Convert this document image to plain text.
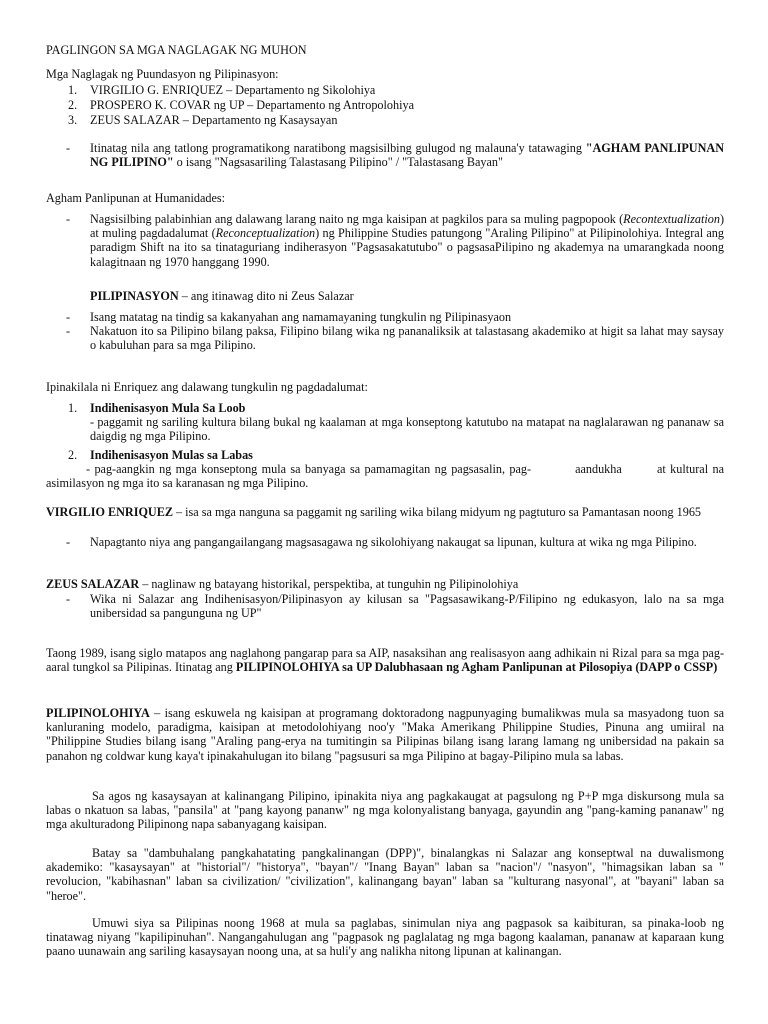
PAGLINGON SA MGA NAGLAGAK NG MUHON

Mga Naglagak ng Puundasyon ng Pilipinasyon:

1. VIRGILIO G. ENRIQUEZ – Departamento ng Sikolohiya
2. PROSPERO K. COVAR ng UP – Departamento ng Antropolohiya
3. ZEUS SALAZAR – Departamento ng Kasaysayan
- Itinatag nila ang tatlong programatikong naratibong magsisilbing gulugod ng malauna'y tatawaging "AGHAM PANLIPUNAN NG PILIPINO" o isang "Nagsasariling Talastasang Pilipino" / "Talastasang Bayan"

Agham Panlipunan at Humanidades:

- Nagsisilbing palabinhian ang dalawang larang naito ng mga kaisipan at pagkilos para sa muling pagpopook (Recontextualization) at muling pagdadalumat (Reconceptualization) ng Philippine Studies patungong "Araling Pilipino" at Pilipinolohiya. Integral ang paradigm Shift na ito sa tinataguriang indiherasyon "Pagsasakatutubo" o pagsasaPilipino ng akademya na umarangkada noong kalagitnaan ng 1970 hanggang 1990.

PILIPINASYON – ang itinawag dito ni Zeus Salazar

- Isang matatag na tindig sa kakanyahan ang namamayaning tungkulin ng Pilipinasyaon

- Nakatuon ito sa Pilipino bilang paksa, Filipino bilang wika ng pananaliksik at talastasang akademiko at higit sa lahat may saysay o kabuluhan para sa mga Pilipino.

Ipinakilala ni Enriquez ang dalawang tungkulin ng pagdadalumat:

1. Indihenisasyon Mula Sa Loob

- paggamit ng sariling kultura bilang bukal ng kaalaman at mga konseptong katutubo na matapat na naglalarawan ng pananaw sa daigdig ng mga Pilipino.

2. Indihenisasyon Mulas sa Labas

- pag-aangkin ng mga konseptong mula sa banyaga sa pamamagitan ng pagsasalin, pag-          aandukha        at kultural na asimilasyon ng mga ito sa karanasan ng mga Pilipino.

VIRGILIO ENRIQUEZ – isa sa mga nanguna sa paggamit ng sariling wika bilang midyum ng pagtuturo sa Pamantasan noong 1965

- Napagtanto niya ang pangangailangang magsasagawa ng sikolohiyang nakaugat sa lipunan, kultura at wika ng mga Pilipino.

ZEUS SALAZAR – naglinaw ng batayang historikal, perspektiba, at tunguhin ng Pilipinolohiya

- Wika ni Salazar ang Indihenisasyon/Pilipinasyon ay kilusan sa "Pagsasawikang-P/Filipino ng edukasyon, lalo na sa mga unibersidad sa pangunguna ng UP"

Taong 1989, isang siglo matapos ang naglahong pangarap para sa AIP, nasaksihan ang realisasyon aang adhikain ni Rizal para sa mga pag-aaral tungkol sa Pilipinas. Itinatag ang PILIPINOLOHIYA sa UP Dalubhasaan ng Agham Panlipunan at Pilosopiya (DAPP o CSSP)

PILIPINOLOHIYA – isang eskuwela ng kaisipan at programang doktoradong nagpunyaging bumalikwas mula sa masyadong tuon sa kanluraning modelo, paradigma, kaisipan at metodolohiyang noo'y "Maka Amerikang Philippine Studies, Pinuna ang umiiral na "Philippine Studies bilang isang "Araling pang-erya na tumitingin sa Pilipinas bilang isang larang lamang ng unibersidad na pakain sa panahon ng coldwar kung kaya't ipinakahulugan ito bilang "pagsusuri sa mga Pilipino at bagay-Pilipino mula sa labas.

Sa agos ng kasaysayan at kalinangang Pilipino, ipinakita niya ang pagkakaugat at pagsulong ng P+P mga diskursong mula sa labas o nkatuon sa labas, "pansila" at "pang kayong pananw" ng mga kolonyalistang banyaga, gayundin ang "pang-kaming pananaw" ng mga akulturadong Pilipinong napa sabanyagang kaisipan.

Batay sa "dambuhalang pangkahatating pangkalinangan (DPP)", binalangkas ni Salazar ang konseptwal na duwalismong akademiko: "kasaysayan" at "historial"/ "historya", "bayan"/ "Inang Bayan" laban sa "nacion"/ "nasyon", "himagsikan laban sa " revolucion, "kabihasnan" laban sa civilization/ "civilization", kalinangang bayan" laban sa "kulturang nasyonal", at "bayani" laban sa "heroe".

Umuwi siya sa Pilipinas noong 1968 at mula sa paglabas, sinimulan niya ang pagpasok sa kaibituran, sa pinaka-loob ng tinatawag niyang "kapilipinuhan". Nangangahulugan ang "pagpasok ng paglalatag ng mga bagong kaalaman, pananaw at kaparaan kung paano uunawain ang sariling kasaysayan noong una, at sa huli'y ang nalikha nitong lipunan at kalinangan.
